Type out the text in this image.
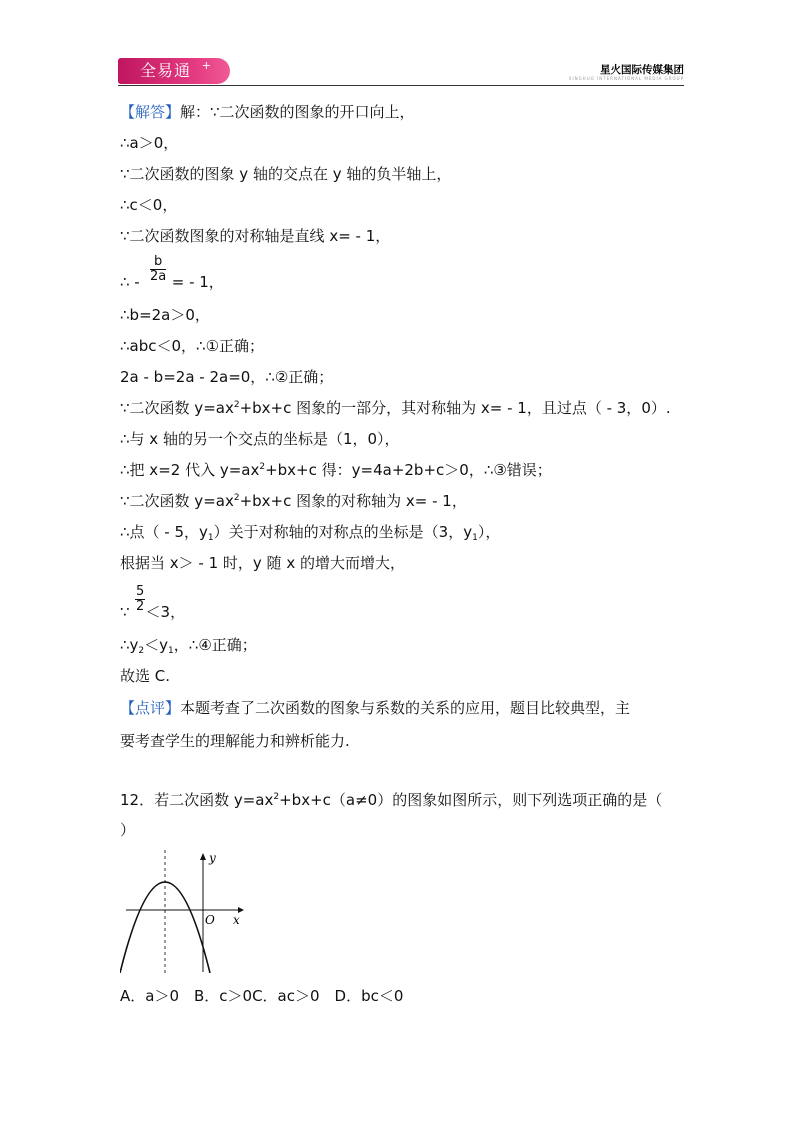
全易通 +	星火国际传媒集团
XINGHUO INTERNATIONAL MEDIA GROUP
【解答】解：∵二次函数的图象的开口向上，
∴a＞0，
∵二次函数的图象 y 轴的交点在 y 轴的负半轴上，
∴c＜0，
∵二次函数图象的对称轴是直线 x= - 1，
∴ - = - 1，
$\frac{b}{2a}$
∴b=2a＞0，
∴abc＜0，∴①正确；
2a - b=2a - 2a=0，∴②正确；
∵二次函数 $y=ax^2+bx+c$ 图象的一部分，其对称轴为 x= - 1，且过点（ - 3，0）.
∴与 x 轴的另一个交点的坐标是（1，0），
∴把 x=2 代入 $y=ax^2+bx+c$ 得：y=4a+2b+c＞0，∴③错误；
∵二次函数 $y=ax^2+bx+c$ 图象的对称轴为 x= - 1，
∴点（ - 5，$y_1$）关于对称轴的对称点的坐标是（3，$y_1$），
根据当 x＞ - 1 时，y 随 x 的增大而增大，
∵ ＜3，
$\frac{5}{2}$
$\therefore y_2<y_1$，∴④正确；
故选 C.
【点评】本题考查了二次函数的图象与系数的关系的应用，题目比较典型，主
要考查学生的理解能力和辨析能力.
12．若二次函数 $y=ax^2+bx+c(a\ne 0)$的图象如图所示，则下列选项正确的是（
）
y
x
O
A．a＞0　B．c＞0C．ac＞0　D．bc＜0
